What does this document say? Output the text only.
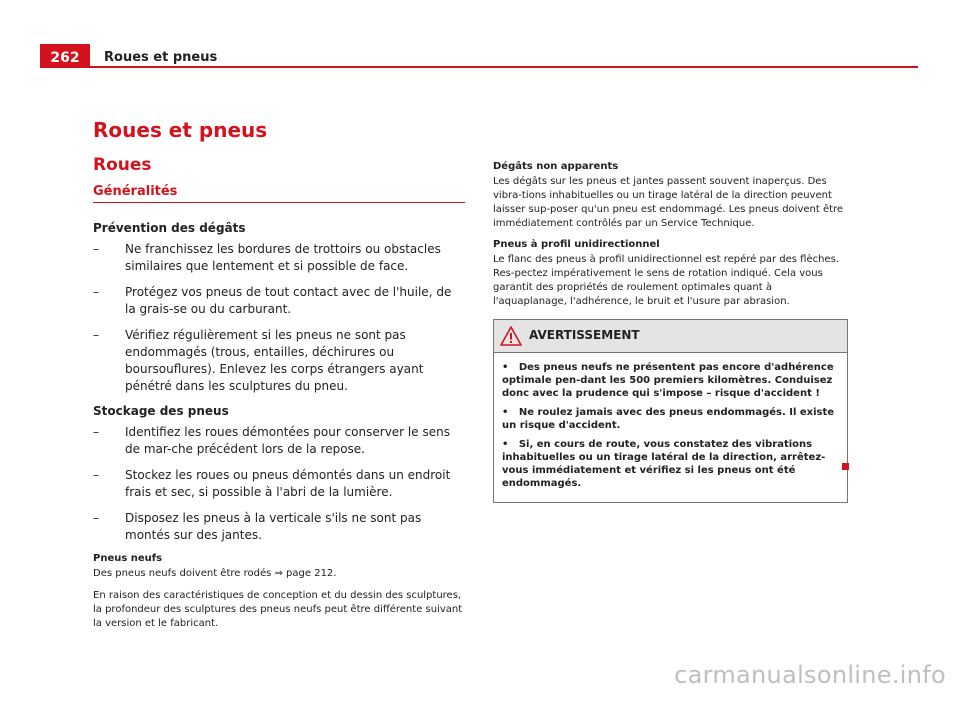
262	Roues et pneus
Roues et pneus
Roues
Généralités
Prévention des dégâts
– Ne franchissez les bordures de trottoirs ou obstacles similaires que lentement et si possible de face.
– Protégez vos pneus de tout contact avec de l'huile, de la grais-se ou du carburant.
– Vérifiez régulièrement si les pneus ne sont pas endommagés (trous, entailles, déchirures ou boursouflures). Enlevez les corps étrangers ayant pénétré dans les sculptures du pneu.
Stockage des pneus
– Identifiez les roues démontées pour conserver le sens de mar-che précédent lors de la repose.
– Stockez les roues ou pneus démontés dans un endroit frais et sec, si possible à l'abri de la lumière.
– Disposez les pneus à la verticale s'ils ne sont pas montés sur des jantes.
Pneus neufs

Des pneus neufs doivent être rodés ⇒ page 212.

En raison des caractéristiques de conception et du dessin des sculptures, la profondeur des sculptures des pneus neufs peut être différente suivant la version et le fabricant.

Dégâts non apparents

Les dégâts sur les pneus et jantes passent souvent inaperçus. Des vibra-tions inhabituelles ou un tirage latéral de la direction peuvent laisser sup-poser qu'un pneu est endommagé. Les pneus doivent être immédiatement contrôlés par un Service Technique.

Pneus à profil unidirectionnel

Le flanc des pneus à profil unidirectionnel est repéré par des flèches. Res-pectez impérativement le sens de rotation indiqué. Cela vous garantit des propriétés de roulement optimales quant à l'aquaplanage, l'adhérence, le bruit et l'usure par abrasion.

AVERTISSEMENT

•   Des pneus neufs ne présentent pas encore d'adhérence optimale pen-dant les 500 premiers kilomètres. Conduisez donc avec la prudence qui s'impose – risque d'accident !

•   Ne roulez jamais avec des pneus endommagés. Il existe un risque d'accident.

•   Si, en cours de route, vous constatez des vibrations inhabituelles ou un tirage latéral de la direction, arrêtez-vous immédiatement et vérifiez si les pneus ont été endommagés.

carmanualsonline.info
